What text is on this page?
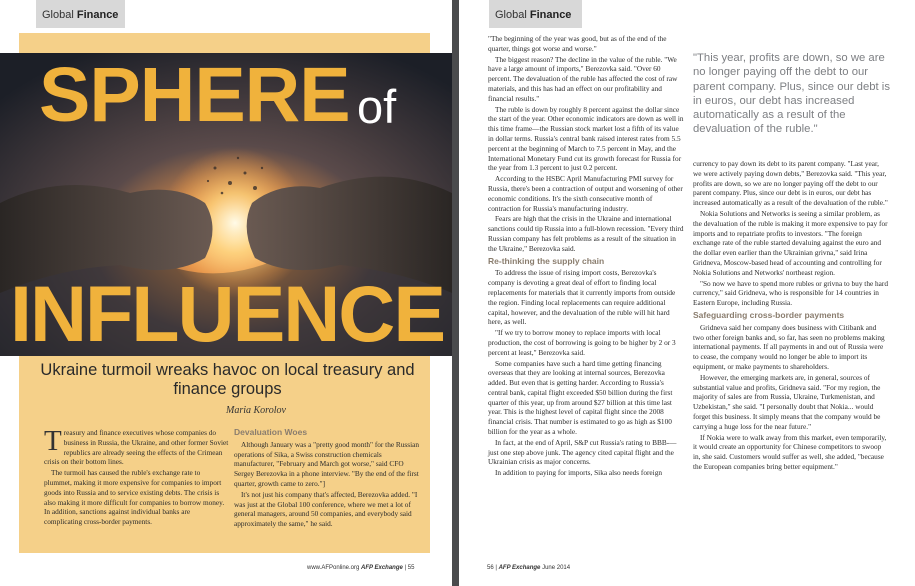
Global Finance
SPHERE of
INFLUENCE
Ukraine turmoil wreaks havoc on local treasury and finance groups
Maria Korolov

Treasury and finance executives whose companies do business in Russia, the Ukraine, and other former Soviet republics are already seeing the effects of the Crimean crisis on their bottom lines.

The turmoil has caused the ruble's exchange rate to plummet, making it more expensive for companies to import goods into Russia and to service existing debts. The crisis is also making it more difficult for companies to borrow money. In addition, sanctions against individual banks are complicating cross-border payments.

Devaluation Woes

Although January was a "pretty good month" for the Russian operations of Sika, a Swiss construction chemicals manufacturer, "February and March got worse," said CFO Sergey Berezovka in a phone interview. "By the end of the first quarter, growth came to zero."]

It's not just his company that's affected, Berezovka added. "I was just at the Global 100 conference, where we met a lot of general managers, around 50 companies, and everybody said approximately the same," he said.

www.AFPonline.org AFP Exchange | 55
Global Finance

"The beginning of the year was good, but as of the end of the quarter, things got worse and worse."

The biggest reason? The decline in the value of the ruble. "We have a large amount of imports," Berezovka said. "Over 60 percent. The devaluation of the ruble has affected the cost of raw materials, and this has had an effect on our profitability and financial results."

The ruble is down by roughly 8 percent against the dollar since the start of the year. Other economic indicators are down as well in this time frame—the Russian stock market lost a fifth of its value in dollar terms. Russia's central bank raised interest rates from 5.5 percent at the beginning of March to 7.5 percent in May, and the International Monetary Fund cut its growth forecast for Russia for the year from 1.3 percent to just 0.2 percent.

According to the HSBC April Manufacturing PMI survey for Russia, there's been a contraction of output and worsening of other economic conditions. It's the sixth consecutive month of contraction for Russia's manufacturing industry.

Fears are high that the crisis in the Ukraine and international sanctions could tip Russia into a full-blown recession. "Every third Russian company has felt problems as a result of the situation in the Ukraine," Berezovka said.

Re-thinking the supply chain

To address the issue of rising import costs, Berezovka's company is devoting a great deal of effort to finding local replacements for materials that it currently imports from outside the region. Finding local replacements can require additional capital, however, and the devaluation of the ruble will hit hard here, as well.

"If we try to borrow money to replace imports with local production, the cost of borrowing is going to be higher by 2 or 3 percent at least," Berezovka said.

Some companies have such a hard time getting financing overseas that they are looking at internal sources, Berezovka added. But even that is getting harder. According to Russia's central bank, capital flight exceeded $50 billion during the first quarter of this year, up from around $27 billion at this time last year. This is the highest level of capital flight since the 2008 financial crisis. That number is estimated to go as high as $100 billion for the year as a whole.

In fact, at the end of April, S&P cut Russia's rating to BBB-—just one step above junk. The agency cited capital flight and the Ukrainian crisis as major concerns.

In addition to paying for imports, Sika also needs foreign

"This year, profits are down, so we are no longer paying off the debt to our parent company. Plus, since our debt is in euros, our debt has increased automatically as a result of the devaluation of the ruble."

currency to pay down its debt to its parent company. "Last year, we were actively paying down debts," Berezovka said. "This year, profits are down, so we are no longer paying off the debt to our parent company. Plus, since our debt is in euros, our debt has increased automatically as a result of the devaluation of the ruble."

Nokia Solutions and Networks is seeing a similar problem, as the devaluation of the ruble is making it more expensive to pay for imports and to repatriate profits to investors. "The foreign exchange rate of the ruble started devaluing against the euro and the dollar even earlier than the Ukrainian grivna," said Irina Gridneva, Moscow-based head of accounting and controlling for Nokia Solutions and Networks' northeast region.

"So now we have to spend more rubles or grivna to buy the hard currency," said Gridneva, who is responsible for 14 countries in Eastern Europe, including Russia.

Safeguarding cross-border payments

Gridneva said her company does business with Citibank and two other foreign banks and, so far, has seen no problems making international payments. If all payments in and out of Russia were to cease, the company would no longer be able to import its equipment, or make payments to shareholders.

However, the emerging markets are, in general, sources of substantial value and profits, Gridneva said. "For my region, the majority of sales are from Russia, Ukraine, Turkmenistan, and Uzbekistan," she said. "I personally doubt that Nokia... would forget this business. It simply means that the company would be carrying a huge loss for the near future."

If Nokia were to walk away from this market, even temporarily, it would create an opportunity for Chinese competitors to swoop in, she said. Customers would suffer as well, she added, "because the European companies bring better equipment."

56 | AFP Exchange June 2014
